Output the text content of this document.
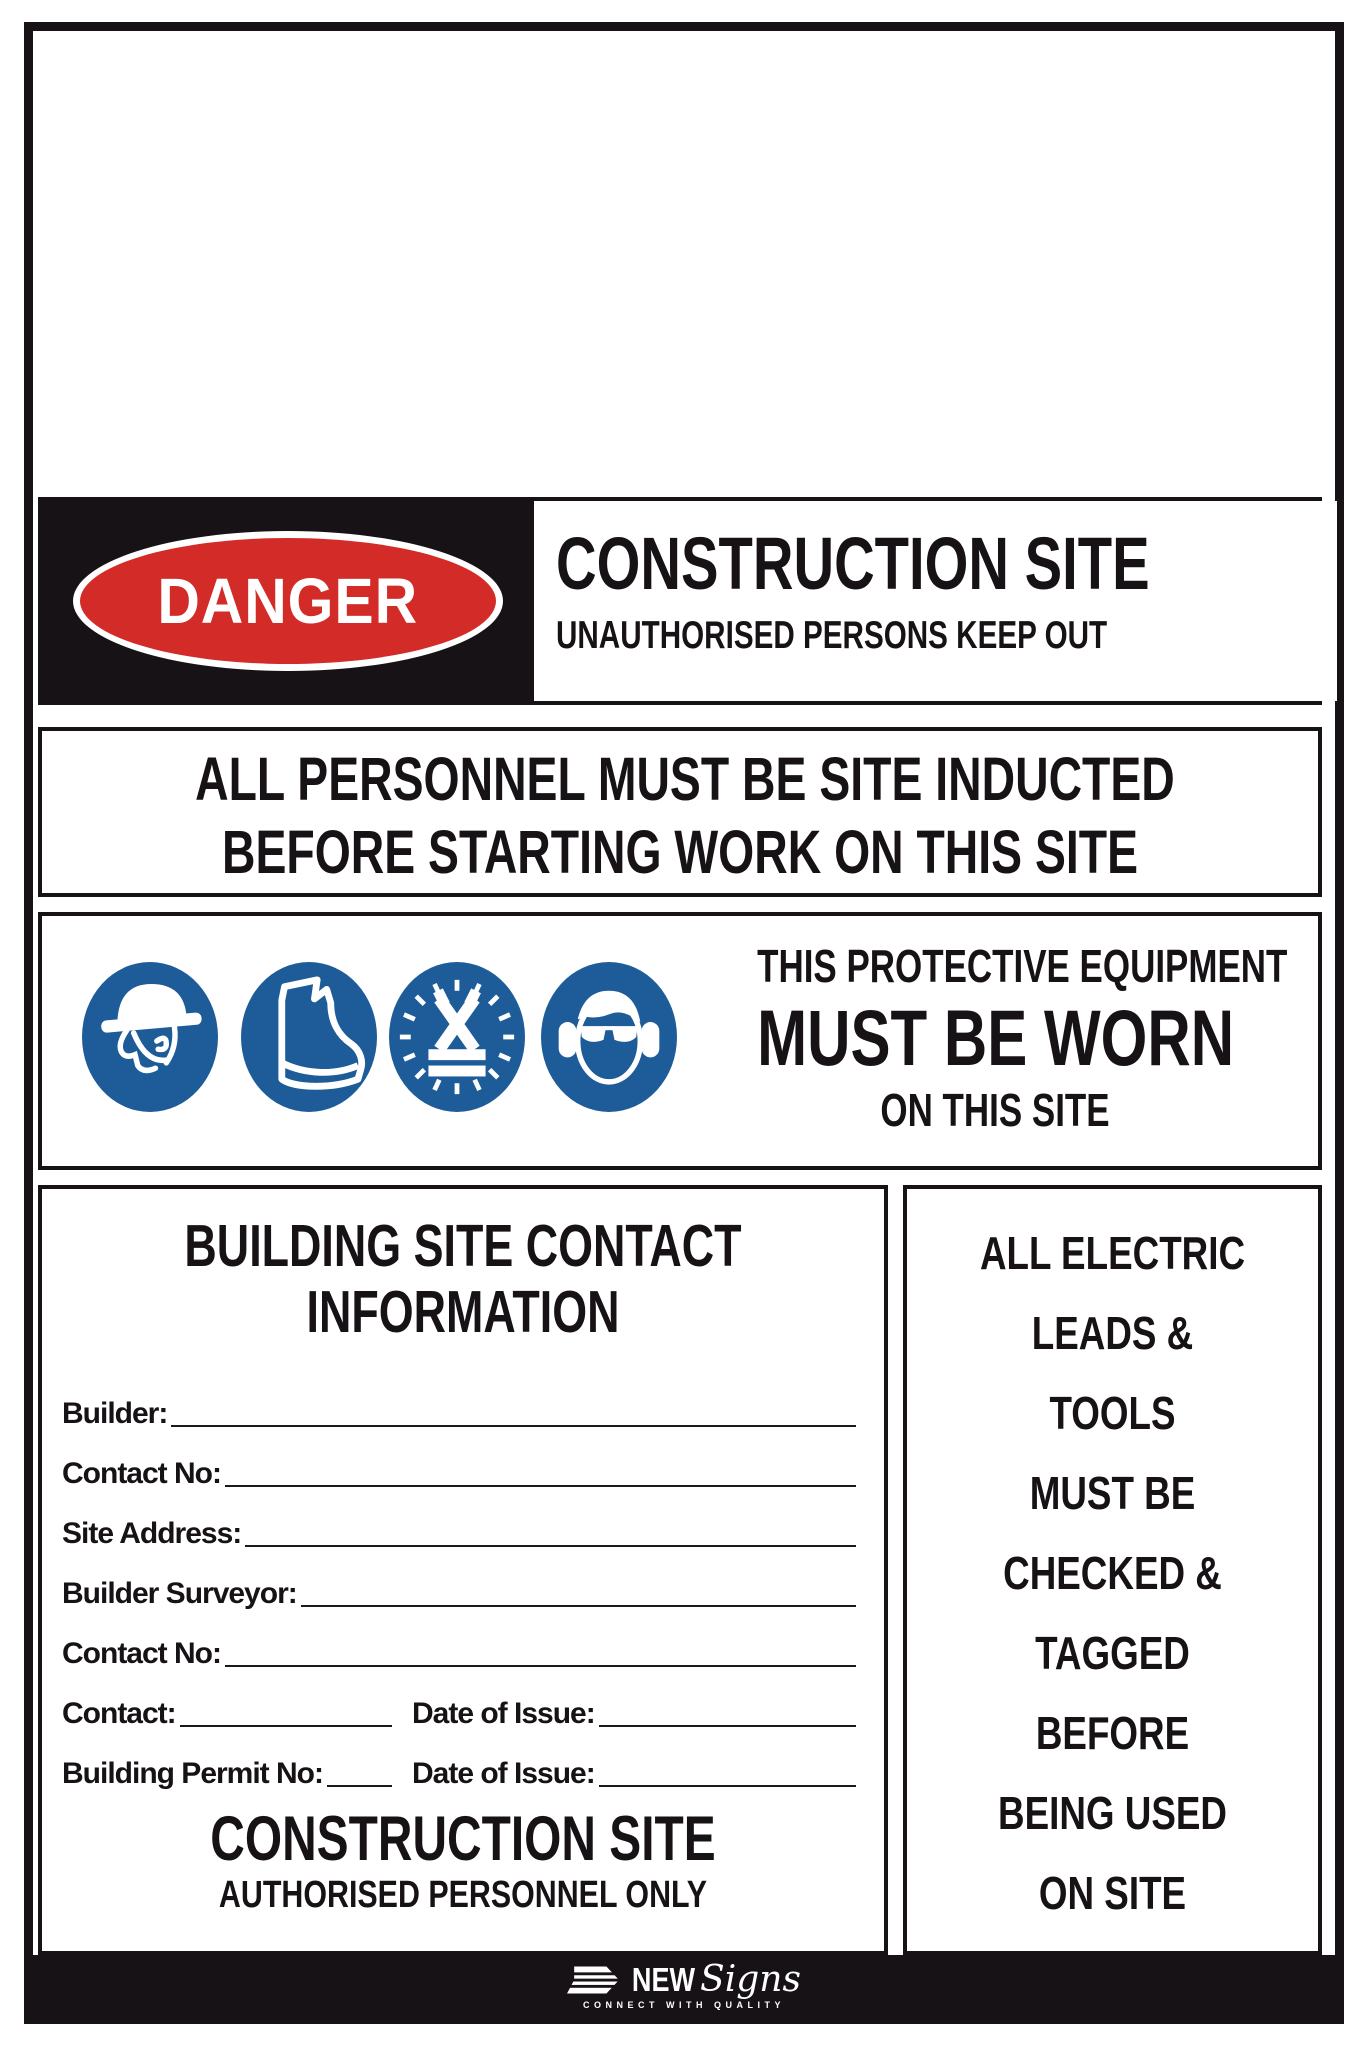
DANGER CONSTRUCTION SITE
UNAUTHORISED PERSONS KEEP OUT
ALL PERSONNEL MUST BE SITE INDUCTED
BEFORE STARTING WORK ON THIS SITE
THIS PROTECTIVE EQUIPMENT
MUST BE WORN
ON THIS SITE
BUILDING SITE CONTACT
INFORMATION
Builder:
Contact No:
Site Address:
Builder Surveyor:
Contact No:
Contact:	Date of Issue:
Building Permit No:	Date of Issue:
CONSTRUCTION SITE
AUTHORISED PERSONNEL ONLY
ALL ELECTRIC
LEADS &
TOOLS
MUST BE
CHECKED &
TAGGED
BEFORE
BEING USED
ON SITE
NEW Signs
CONNECT WITH QUALITY
